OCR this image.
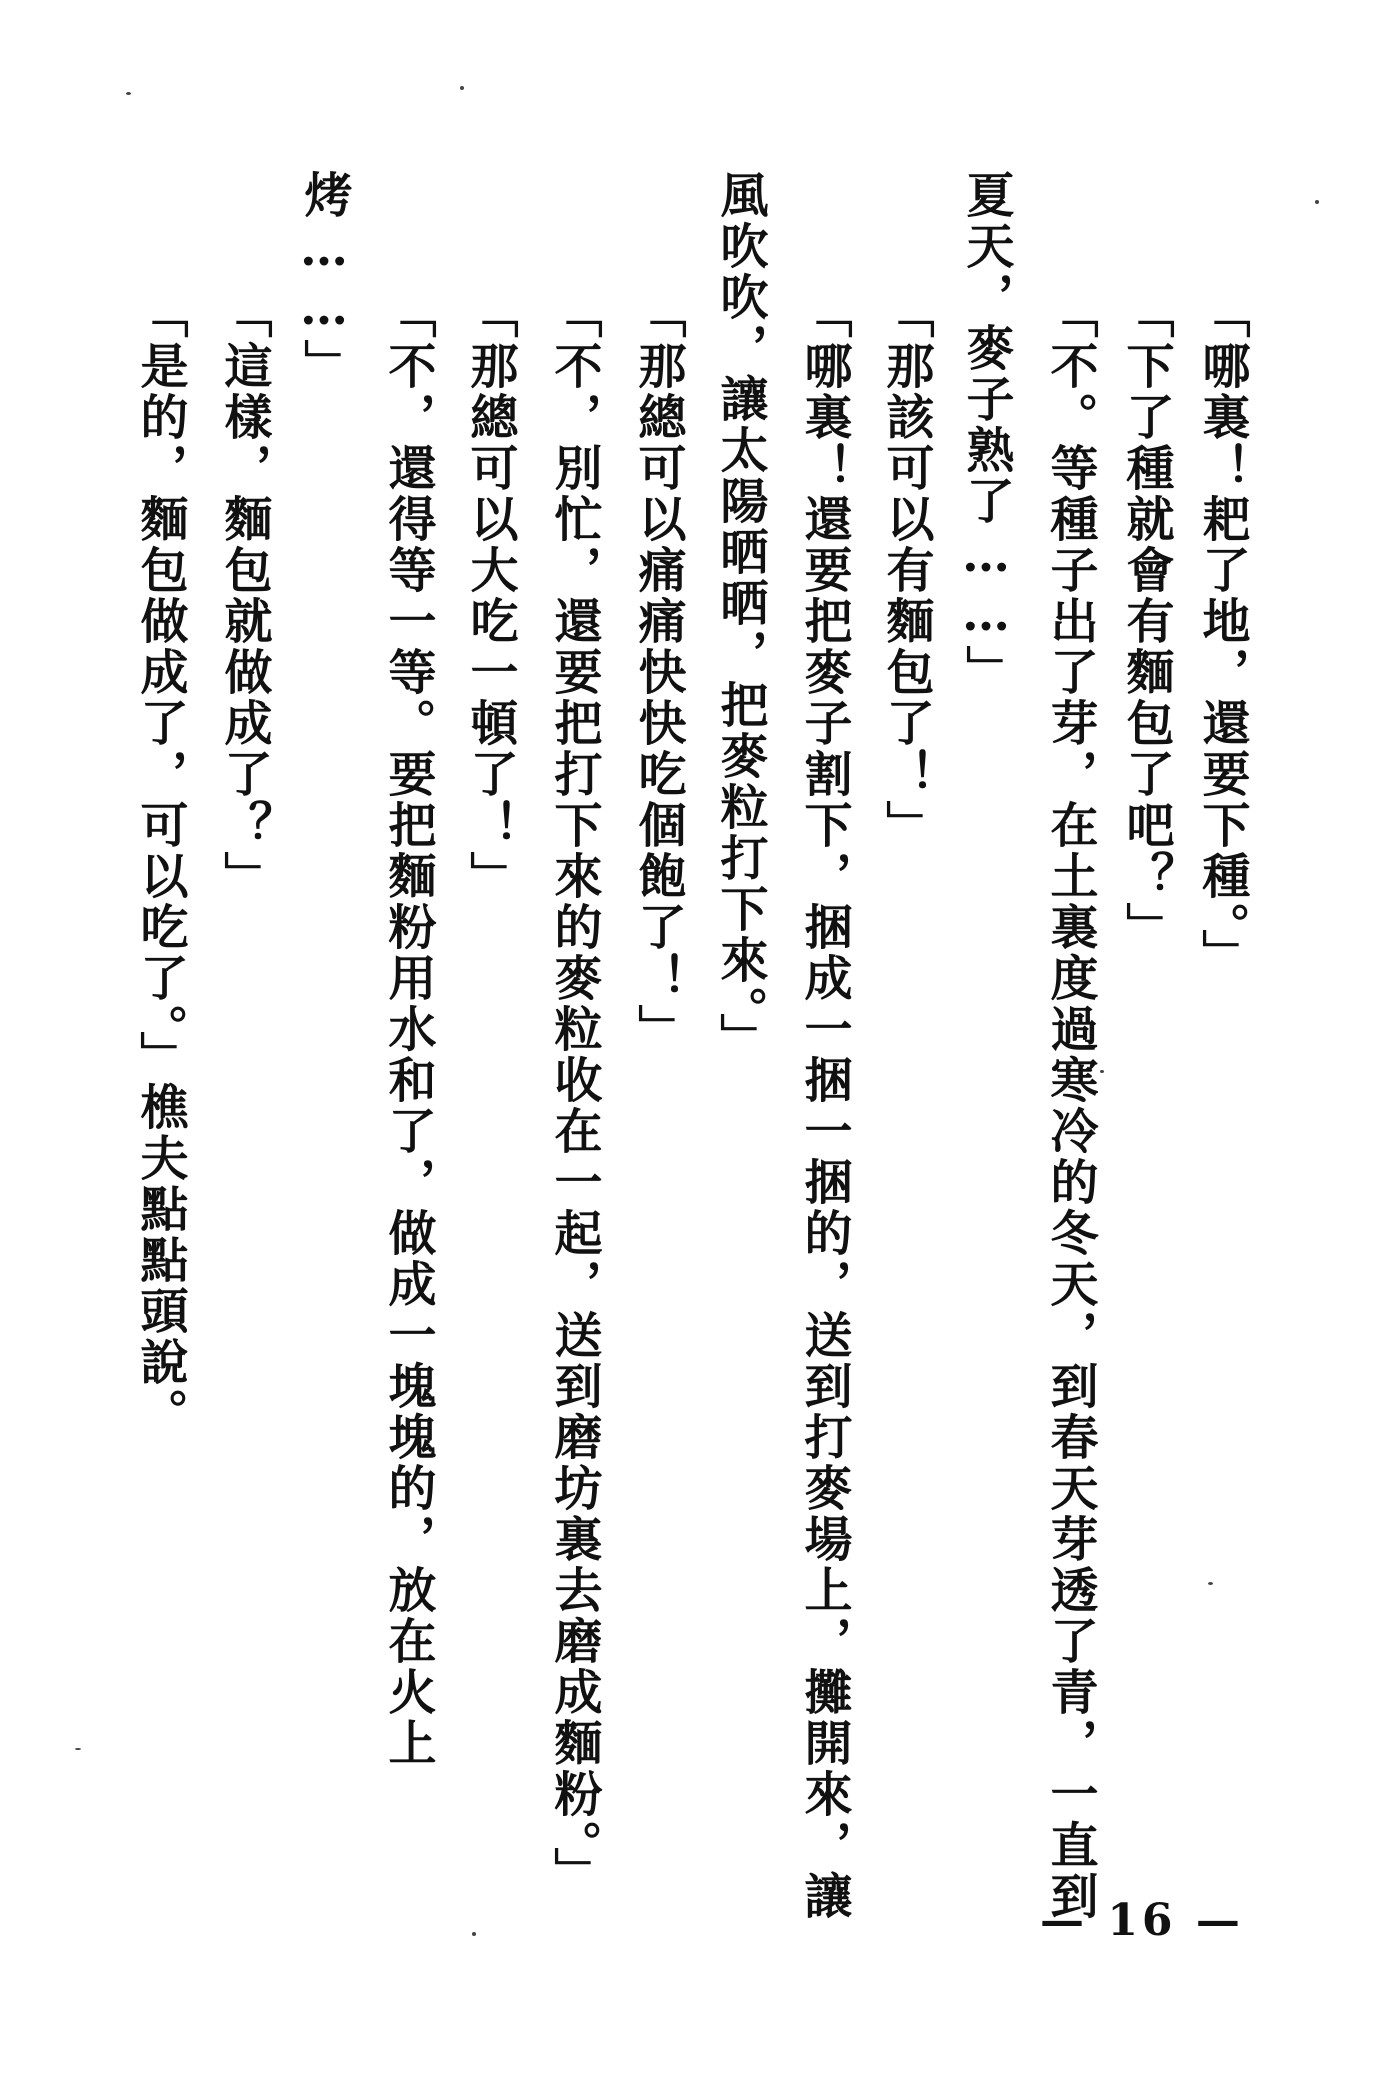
「哪裏！耙了地，還要下種。」
「下了種就會有麵包了吧？」
「不。等種子出了芽，在土裏度過寒冷的冬天，到春天芽透了青，一直到
夏天，麥子熟了……」
「那該可以有麵包了！」
「哪裏！還要把麥子割下，捆成一捆一捆的，送到打麥場上，攤開來，讓
風吹吹，讓太陽晒晒，把麥粒打下來。」
「那總可以痛痛快快吃個飽了！」
「不，別忙，還要把打下來的麥粒收在一起，送到磨坊裏去磨成麵粉。」
「那總可以大吃一頓了！」
「不，還得等一等。要把麵粉用水和了，做成一塊塊的，放在火上
烤……」
「這樣，麵包就做成了？」
「是的，麵包做成了，可以吃了。」樵夫點點頭說。
— 16 —
